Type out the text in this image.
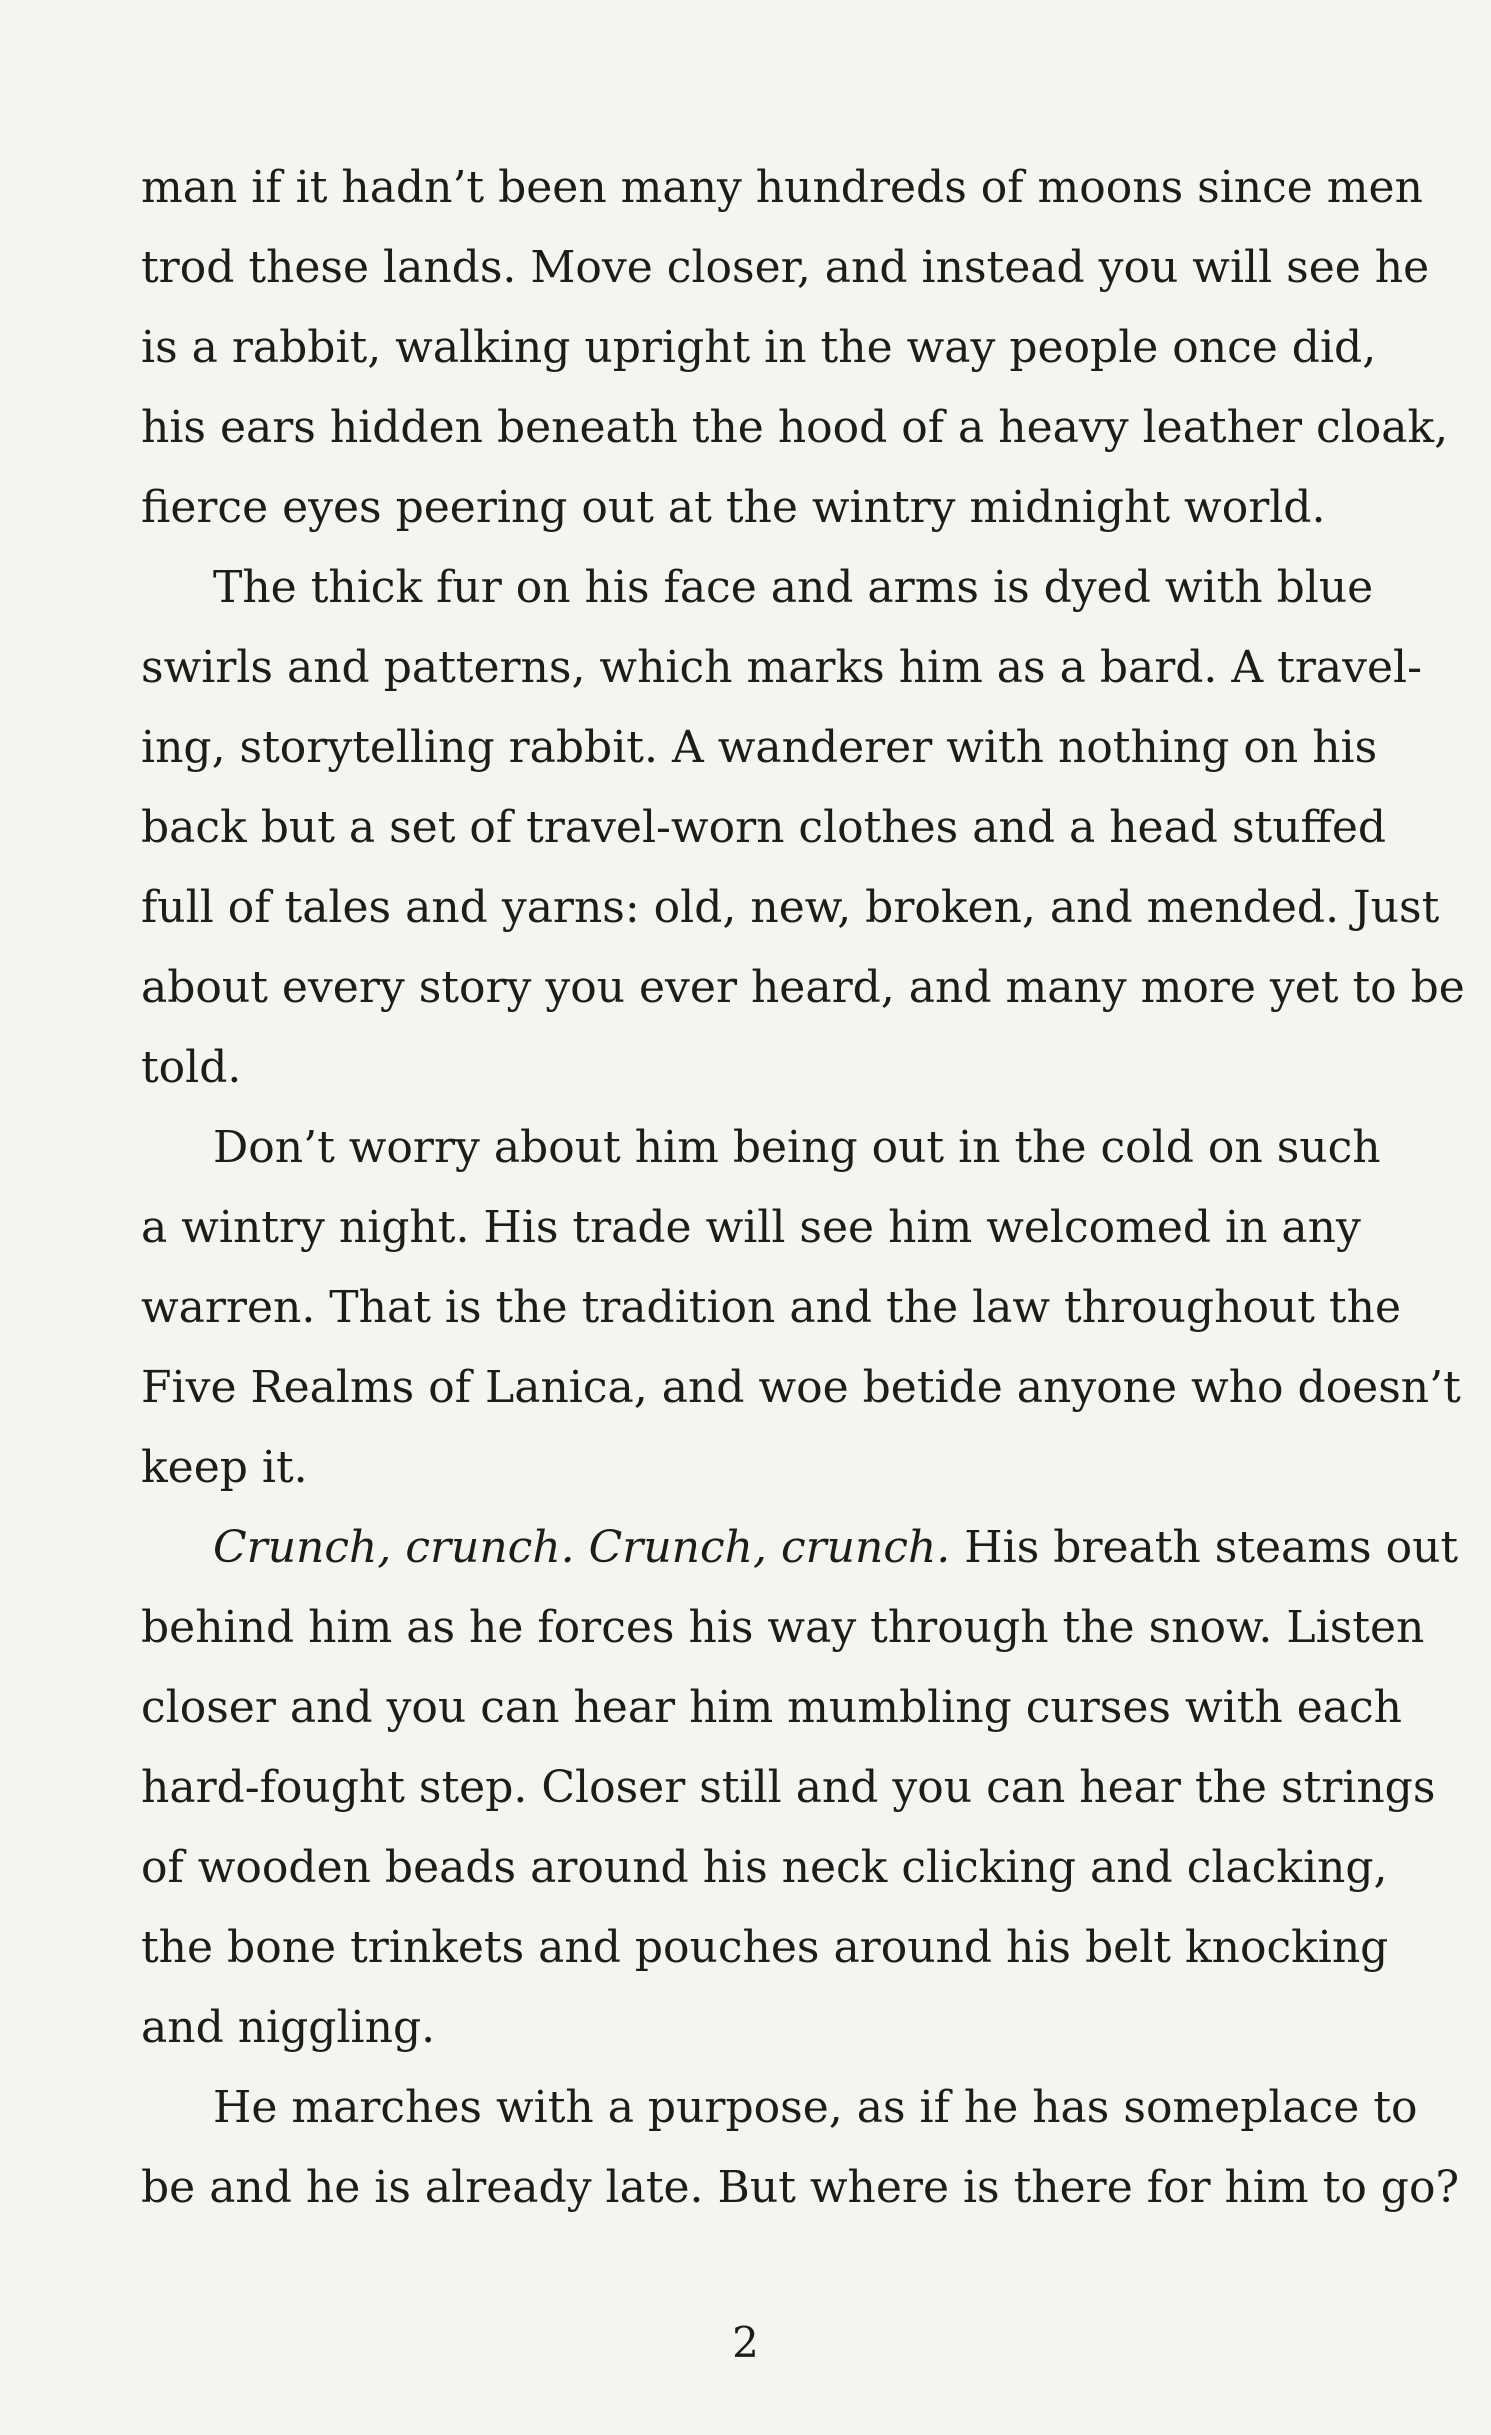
man if it hadn’t been many hundreds of moons since men
trod these lands. Move closer, and instead you will see he
is a rabbit, walking upright in the way people once did,
his ears hidden beneath the hood of a heavy leather cloak,
fierce eyes peering out at the wintry midnight world.
The thick fur on his face and arms is dyed with blue
swirls and patterns, which marks him as a bard. A travel-
ing, storytelling rabbit. A wanderer with nothing on his
back but a set of travel-worn clothes and a head stuffed
full of tales and yarns: old, new, broken, and mended. Just
about every story you ever heard, and many more yet to be
told.
Don’t worry about him being out in the cold on such
a wintry night. His trade will see him welcomed in any
warren. That is the tradition and the law throughout the
Five Realms of Lanica, and woe betide anyone who doesn’t
keep it.
Crunch, crunch. Crunch, crunch. His breath steams out
behind him as he forces his way through the snow. Listen
closer and you can hear him mumbling curses with each
hard-fought step. Closer still and you can hear the strings
of wooden beads around his neck clicking and clacking,
the bone trinkets and pouches around his belt knocking
and niggling.
He marches with a purpose, as if he has someplace to
be and he is already late. But where is there for him to go?
2
